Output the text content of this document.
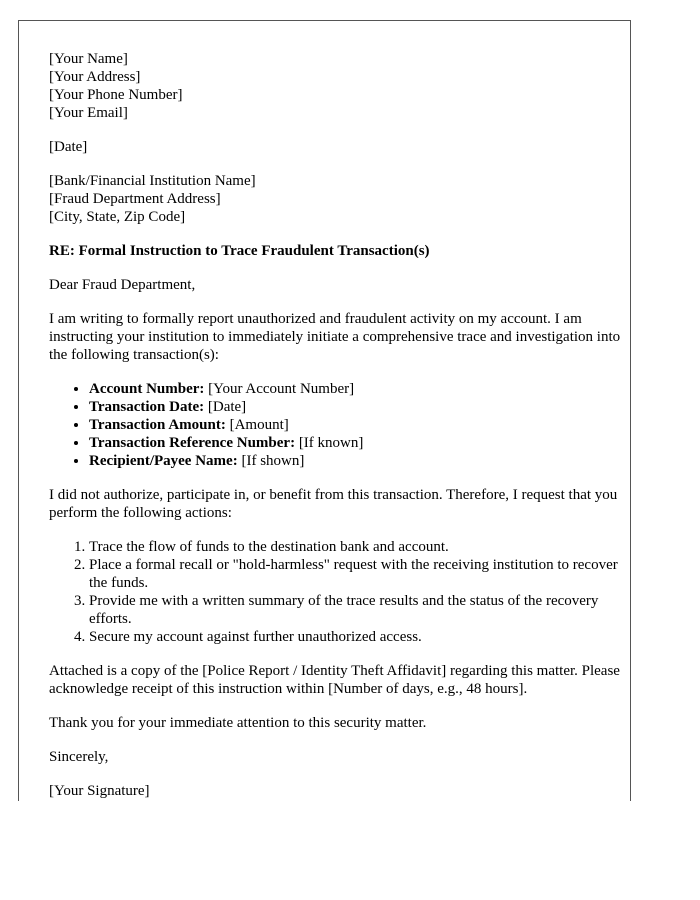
[Your Name]
[Your Address]
[Your Phone Number]
[Your Email]

[Date]

[Bank/Financial Institution Name]
[Fraud Department Address]
[City, State, Zip Code]

RE: Formal Instruction to Trace Fraudulent Transaction(s)

Dear Fraud Department,

I am writing to formally report unauthorized and fraudulent activity on my account. I am instructing your institution to immediately initiate a comprehensive trace and investigation into the following transaction(s):

• Account Number: [Your Account Number]
• Transaction Date: [Date]
• Transaction Amount: [Amount]
• Transaction Reference Number: [If known]
• Recipient/Payee Name: [If shown]

I did not authorize, participate in, or benefit from this transaction. Therefore, I request that you perform the following actions:

1. Trace the flow of funds to the destination bank and account.
2. Place a formal recall or "hold-harmless" request with the receiving institution to recover the funds.
3. Provide me with a written summary of the trace results and the status of the recovery efforts.
4. Secure my account against further unauthorized access.

Attached is a copy of the [Police Report / Identity Theft Affidavit] regarding this matter. Please acknowledge receipt of this instruction within [Number of days, e.g., 48 hours].

Thank you for your immediate attention to this security matter.

Sincerely,

[Your Signature]
